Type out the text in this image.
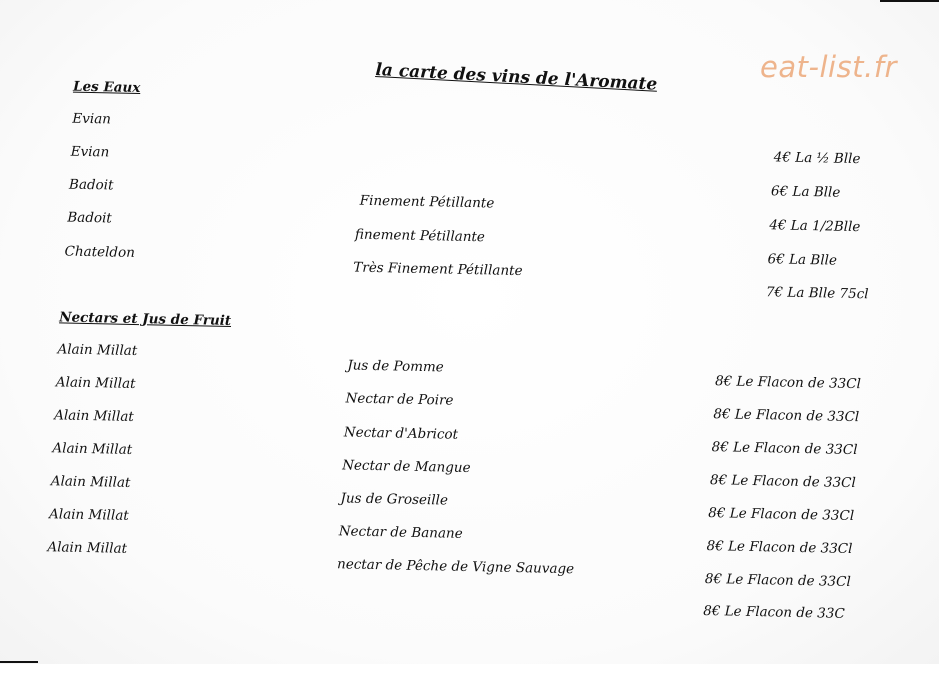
eat-list.fr
la carte des vins de l'Aromate
Les Eaux
Evian
Evian	4€ La ½ Blle
Badoit
Finement Pétillante
6€ La Blle
Badoit
finement Pétillante
4€ La 1/2Blle
Chateldon
Très Finement Pétillante	6€ La Blle
7€ La Blle 75cl
Nectars et Jus de Fruit
Alain Millat
Jus de Pomme
8€ Le Flacon de 33Cl
Alain Millat
Nectar de Poire
8€ Le Flacon de 33Cl
Alain Millat
Nectar d'Abricot
8€ Le Flacon de 33Cl
Alain Millat
Nectar de Mangue
8€ Le Flacon de 33Cl
Alain Millat
Jus de Groseille
8€ Le Flacon de 33Cl
Alain Millat
Nectar de Banane
8€ Le Flacon de 33Cl
Alain Millat
nectar de Pêche de Vigne Sauvage
8€ Le Flacon de 33Cl
8€ Le Flacon de 33C
